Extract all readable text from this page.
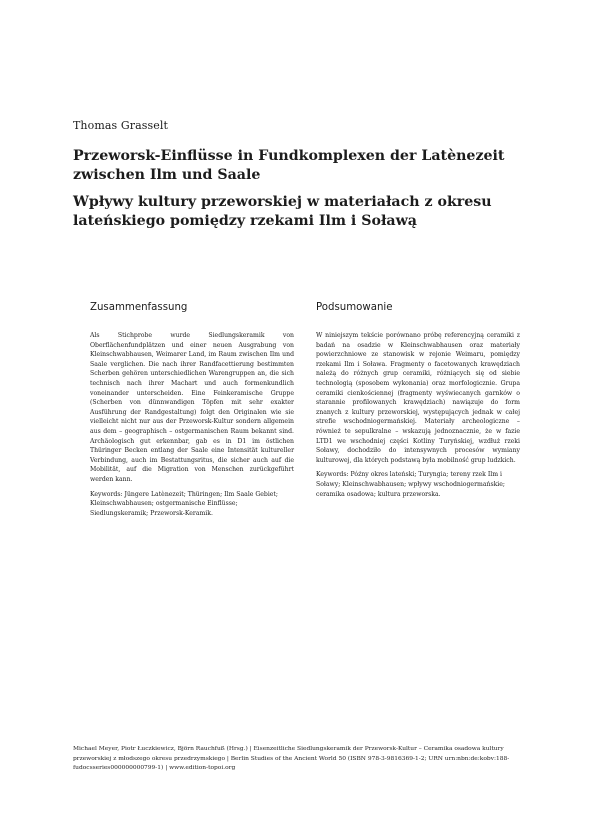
Thomas Grasselt
Przeworsk-Einflüsse in Fundkomplexen der Latènezeit zwischen Ilm und Saale
Wpływy kultury przeworskiej w materiałach z okresu lateńskiego pomiędzy rzekami Ilm i Soławą
Zusammenfassung

Als Stichprobe wurde Siedlungskeramik von Oberflächenfundplätzen und einer neuen Ausgrabung von Kleinschwabhausen, Weimarer Land, im Raum zwischen Ilm und Saale verglichen. Die nach ihrer Randfacettierung bestimmten Scherben gehören unterschiedlichen Warengruppen an, die sich technisch nach ihrer Machart und auch formenkundlich voneinander unterscheiden. Eine Feinkeramische Gruppe (Scherben von dünnwandigen Töpfen mit sehr exakter Ausführung der Randgestaltung) folgt den Originalen wie sie vielleicht nicht nur aus der Przeworsk-Kultur sondern allgemein aus dem – geographisch – ostgermanischen Raum bekannt sind. Archäologisch gut erkennbar, gab es in D1 im östlichen Thüringer Becken entlang der Saale eine Intensität kultureller Verbindung, auch im Bestattungsritus, die sicher auch auf die Mobilität, auf die Migration von Menschen zurückgeführt werden kann.

Keywords: Jüngere Latènezeit; Thüringen; Ilm Saale Gebiet; Kleinschwabhausen; ostgermanische Einflüsse; Siedlungskeramik; Przeworsk-Keramik.

Podsumowanie

W niniejszym tekście porównano próbę referencyjną ceramiki z badań na osadzie w Kleinschwabhausen oraz materiały powierzchniowe ze stanowisk w rejonie Weimaru, pomiędzy rzekami Ilm i Soława. Fragmenty o facetowanych krawędziach należą do różnych grup ceramiki, różniących się od siebie technologią (sposobem wykonania) oraz morfologicznie. Grupa ceramiki cienkościennej (fragmenty wyświecanych garnków o starannie profilowanych krawędziach) nawiązuje do form znanych z kultury przeworskiej, występujących jednak w całej strefie wschodniogermańskiej. Materiały archeologiczne – również te sepulkralne – wskazują jednoznacznie, że w fazie LTD1 we wschodniej części Kotliny Turyńskiej, wzdłuż rzeki Soławy, dochodziło do intensywnych procesów wymiany kulturowej, dla których podstawą była mobilność grup ludzkich.

Keywords: Późny okres lateński; Turyngia; tereny rzek Ilm i Soławy; Kleinschwabhausen; wpływy wschodniogermańskie; ceramika osadowa; kultura przeworska.

Michael Meyer, Piotr Łuczkiewicz, Björn Rauchfuß (Hrsg.) | Eisenzeitliche Siedlungskeramik der Przeworsk-Kultur – Ceramika osadowa kultury przeworskiej z młodszego okresu przedrzymskiego | Berlin Studies of the Ancient World 50 (ISBN 978-3-9816369-1-2; URN urn:nbn:de:kobv:188-fudocsseries000000000799-1) | www.edition-topoi.org
